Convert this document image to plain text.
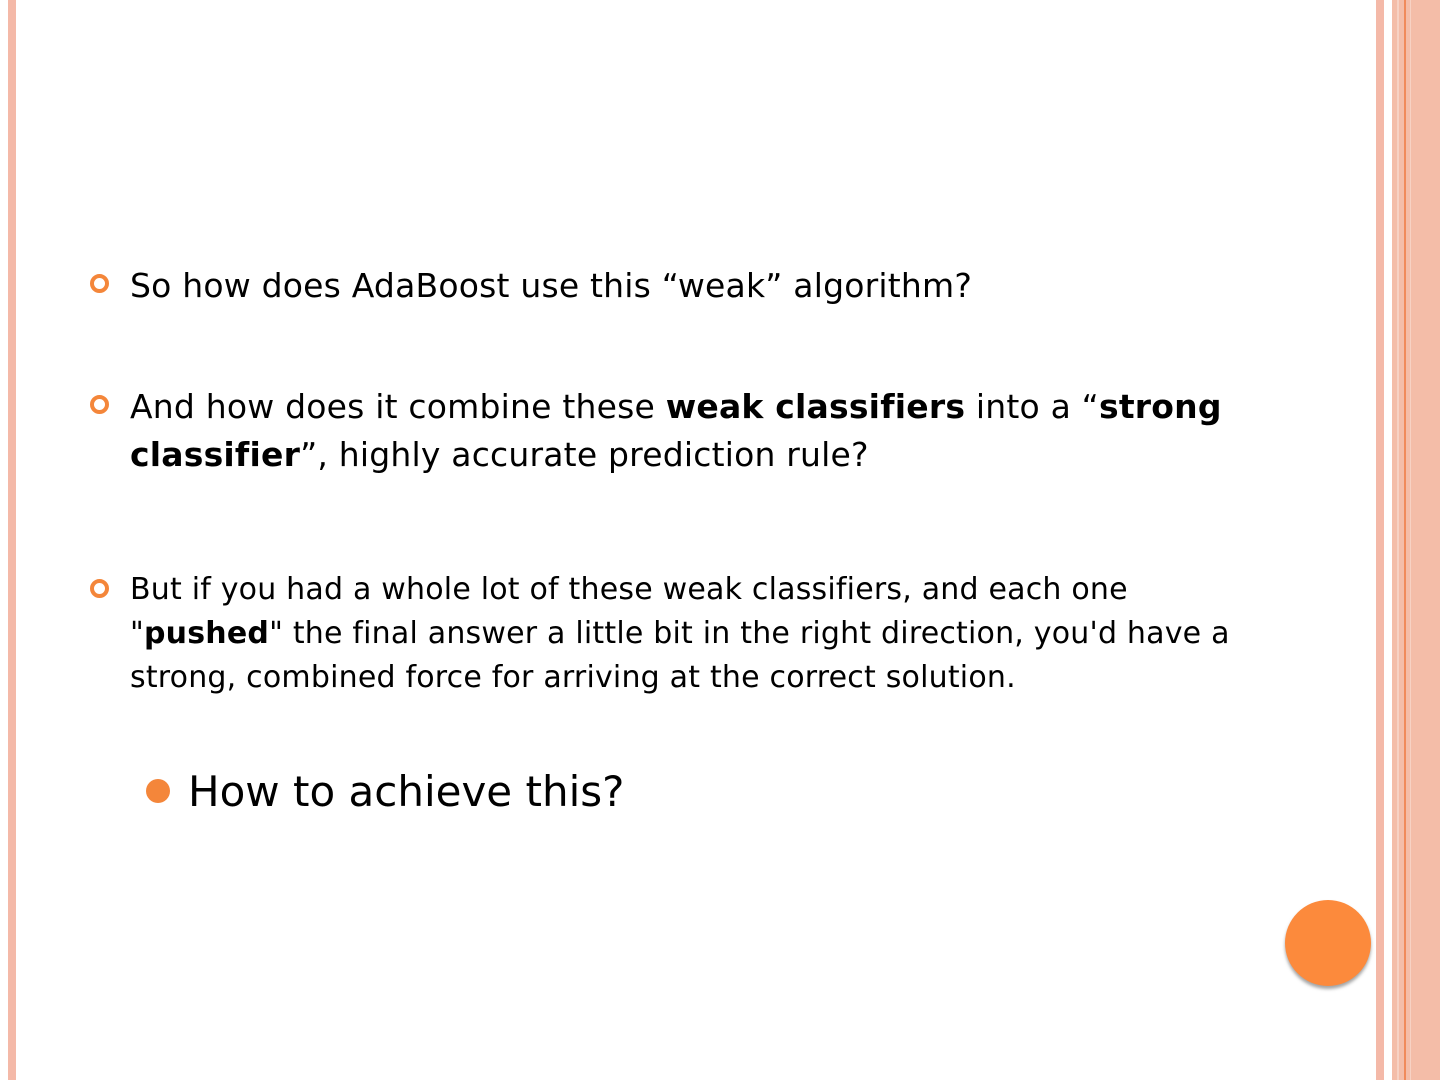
So how does AdaBoost use this “weak” algorithm?
And how does it combine these weak classifiers into a “strong classifier”, highly accurate prediction rule?
But if you had a whole lot of these weak classifiers, and each one "pushed" the final answer a little bit in the right direction, you'd have a strong, combined force for arriving at the correct solution.
How to achieve this?
